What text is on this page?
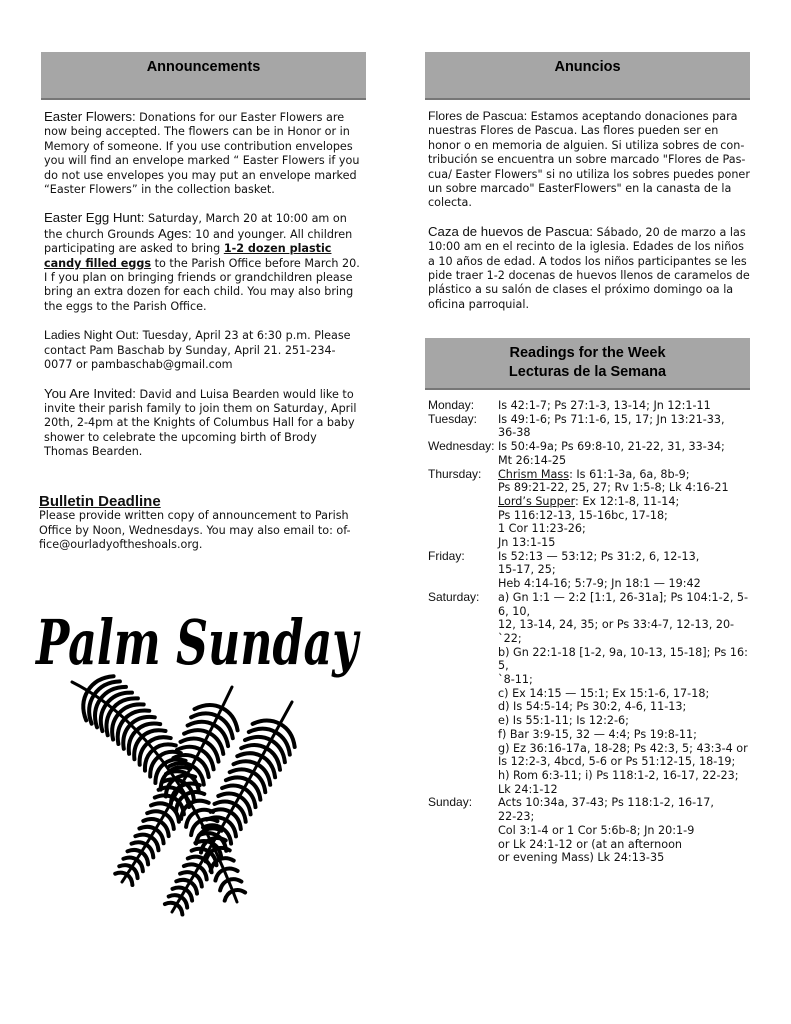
Announcements

Easter Flowers: Donations for our Easter Flowers are now being accepted. The flowers can be in Honor or in Memory of someone. If you use contribution envelopes you will find an envelope marked “ Easter Flowers if you do not use envelopes you may put an envelope marked “Easter Flowers” in the collection basket.

Easter Egg Hunt: Saturday, March 20 at 10:00 am on the church Grounds Ages: 10 and younger. All children participating are asked to bring 1-2 dozen plastic candy filled eggs to the Parish Office before March 20. I f you plan on bringing friends or grandchildren please bring an extra dozen for each child. You may also bring the eggs to the Parish Office.

Ladies Night Out: Tuesday, April 23 at 6:30 p.m. Please contact Pam Baschab by Sunday, April 21. 251-234-0077 or pambaschab@gmail.com

You Are Invited: David and Luisa Bearden would like to invite their parish family to join them on Saturday, April 20th, 2-4pm at the Knights of Columbus Hall for a baby shower to celebrate the upcoming birth of Brody Thomas Bearden.

Bulletin Deadline

Please provide written copy of announcement to Parish Office by Noon, Wednesdays. You may also email to: of-fice@ourladyoftheshoals.org.

Palm Sunday
Anuncios

Flores de Pascua: Estamos aceptando donaciones para nuestras Flores de Pascua. Las flores pueden ser en honor o en memoria de alguien. Si utiliza sobres de con-tribución se encuentra un sobre marcado "Flores de Pas-cua/ Easter Flowers" si no utiliza los sobres puedes poner un sobre marcado" EasterFlowers" en la canasta de la colecta.

Caza de huevos de Pascua: Sábado, 20 de marzo a las 10:00 am en el recinto de la iglesia. Edades de los niños a 10 años de edad. A todos los niños participantes se les pide traer 1-2 docenas de huevos llenos de caramelos de plástico a su salón de clases el próximo domingo oa la oficina parroquial.

Readings for the Week
Lecturas de la Semana
Monday:	Is 42:1-7; Ps 27:1-3, 13-14; Jn 12:1-11
Tuesday:	Is 49:1-6; Ps 71:1-6, 15, 17; Jn 13:21-33,
36-38
Wednesday: Is 50:4-9a; Ps 69:8-10, 21-22, 31, 33-34;
Mt 26:14-25
Thursday:	Chrism Mass: Is 61:1-3a, 6a, 8b-9;
Ps 89:21-22, 25, 27; Rv 1:5-8; Lk 4:16-21
Lord’s Supper: Ex 12:1-8, 11-14;
Ps 116:12-13, 15-16bc, 17-18;
1 Cor 11:23-26;
Jn 13:1-15
Friday:	Is 52:13 — 53:12; Ps 31:2, 6, 12-13,
15-17, 25;
Heb 4:14-16; 5:7-9; Jn 18:1 — 19:42
Saturday:	a) Gn 1:1 — 2:2 [1:1, 26-31a]; Ps 104:1-2, 5-
6, 10,
12, 13-14, 24, 35; or Ps 33:4-7, 12-13, 20-
`22;
b) Gn 22:1-18 [1-2, 9a, 10-13, 15-18]; Ps 16: 5,
`8-11;
c) Ex 14:15 — 15:1; Ex 15:1-6, 17-18;
d) Is 54:5-14; Ps 30:2, 4-6, 11-13;
e) Is 55:1-11; Is 12:2-6;
f) Bar 3:9-15, 32 — 4:4; Ps 19:8-11;
g) Ez 36:16-17a, 18-28; Ps 42:3, 5; 43:3-4 or
Is 12:2-3, 4bcd, 5-6 or Ps 51:12-15, 18-19;
h) Rom 6:3-11; i) Ps 118:1-2, 16-17, 22-23;
Lk 24:1-12
Sunday:	Acts 10:34a, 37-43; Ps 118:1-2, 16-17,
22-23;
Col 3:1-4 or 1 Cor 5:6b-8; Jn 20:1-9
or Lk 24:1-12 or (at an afternoon
or evening Mass) Lk 24:13-35
